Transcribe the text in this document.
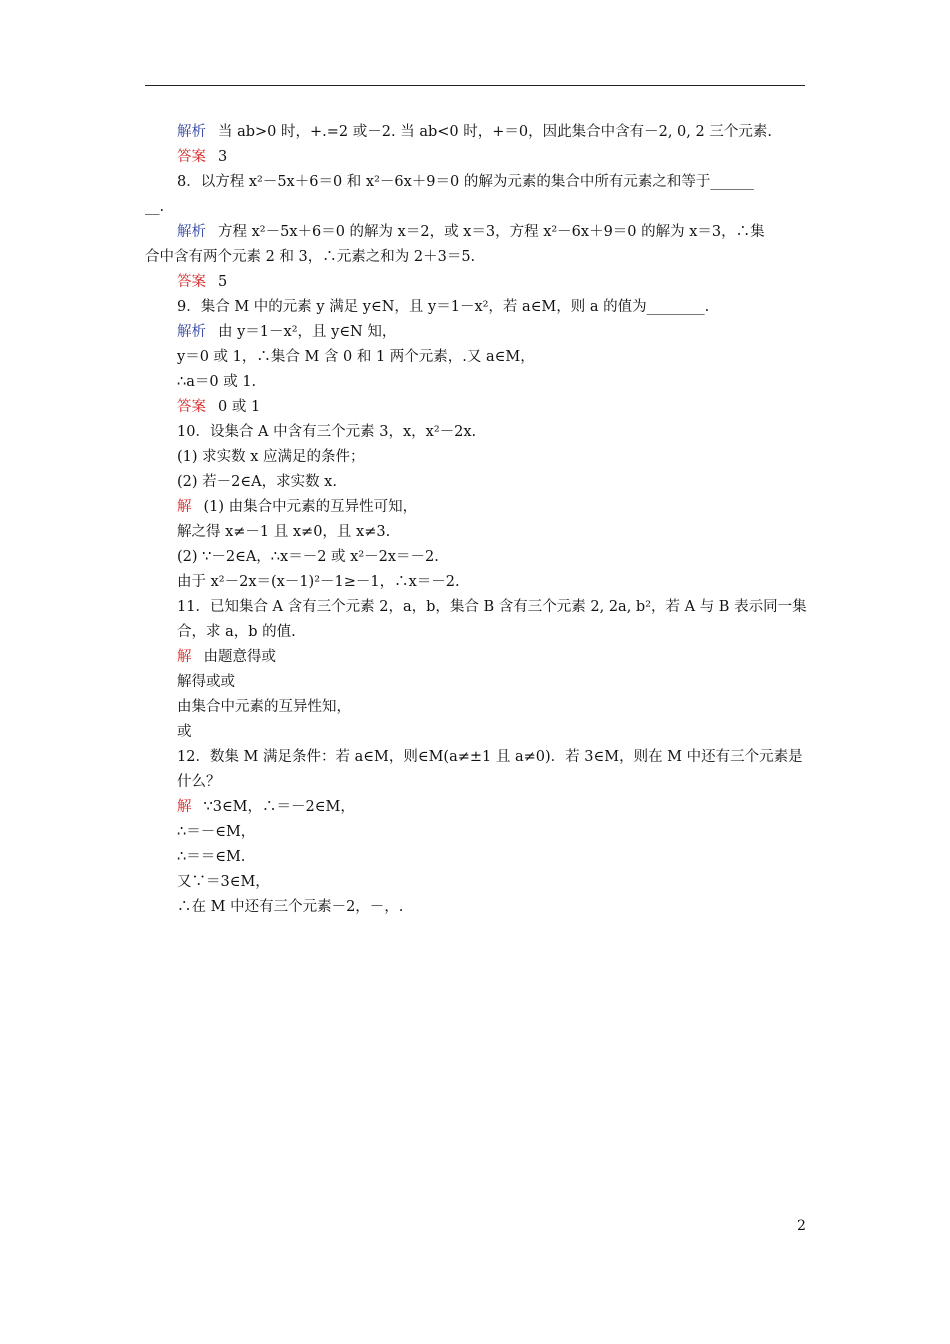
解析 当 ab>0 时，+.=2 或－2. 当 ab<0 时，+＝0，因此集合中含有－2, 0, 2 三个元素.
答案 3
8．以方程 x²－5x＋6＝0 和 x²－6x＋9＝0 的解为元素的集合中所有元素之和等于______
__.
解析 方程 x²－5x＋6＝0 的解为 x＝2，或 x＝3，方程 x²－6x＋9＝0 的解为 x＝3，∴集
合中含有两个元素 2 和 3，∴元素之和为 2＋3＝5.
答案 5
9．集合 M 中的元素 y 满足 y∈N，且 y＝1－x²，若 a∈M，则 a 的值为________.
解析 由 y＝1－x²，且 y∈N 知，
y＝0 或 1，∴集合 M 含 0 和 1 两个元素，.又 a∈M，
∴a＝0 或 1.
答案 0 或 1
10．设集合 A 中含有三个元素 3，x，x²－2x.
(1) 求实数 x 应满足的条件；
(2) 若－2∈A，求实数 x.
解 (1) 由集合中元素的互异性可知，
解之得 x≠－1 且 x≠0，且 x≠3.
(2) ∵－2∈A，∴x＝－2 或 x²－2x＝－2.
由于 x²－2x＝(x－1)²－1≥－1，∴x＝－2.
11．已知集合 A 含有三个元素 2，a，b，集合 B 含有三个元素 2, 2a, b²，若 A 与 B 表示同一集合，求 a，b 的值.
解 由题意得或
解得或或
由集合中元素的互异性知，
或
12．数集 M 满足条件：若 a∈M，则∈M(a≠±1 且 a≠0)．若 3∈M，则在 M 中还有三个元素是什么？
解 ∵3∈M，∴＝－2∈M，
∴＝－∈M，
∴＝＝∈M.
又∵＝3∈M，
∴在 M 中还有三个元素－2，－，.
2
